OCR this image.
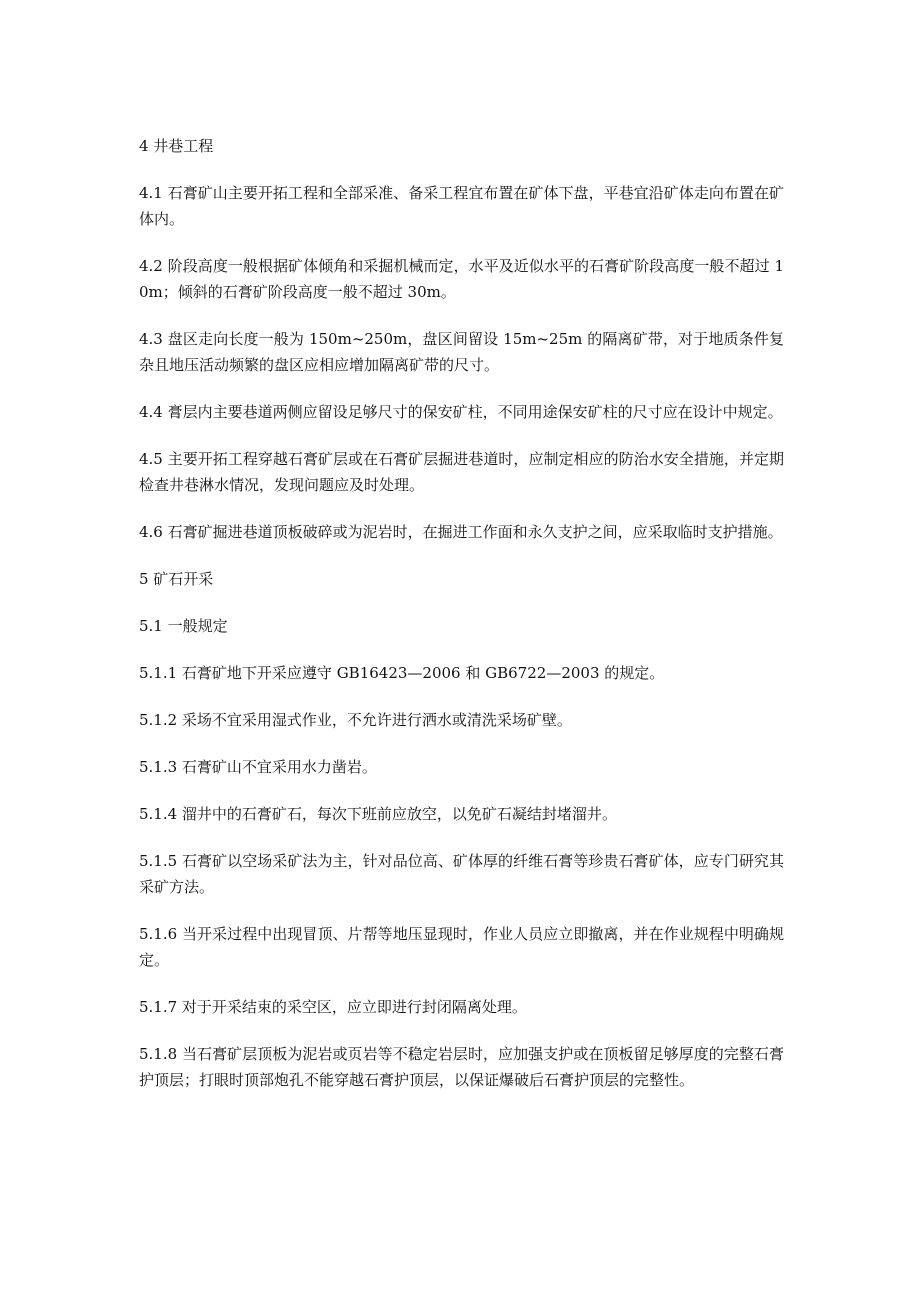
4 井巷工程

4.1 石膏矿山主要开拓工程和全部采准、备采工程宜布置在矿体下盘，平巷宜沿矿体走向布置在矿体内。

4.2 阶段高度一般根据矿体倾角和采掘机械而定，水平及近似水平的石膏矿阶段高度一般不超过 10m；倾斜的石膏矿阶段高度一般不超过 30m。

4.3 盘区走向长度一般为 150m~250m，盘区间留设 15m~25m 的隔离矿带，对于地质条件复杂且地压活动频繁的盘区应相应增加隔离矿带的尺寸。

4.4 膏层内主要巷道两侧应留设足够尺寸的保安矿柱，不同用途保安矿柱的尺寸应在设计中规定。

4.5 主要开拓工程穿越石膏矿层或在石膏矿层掘进巷道时，应制定相应的防治水安全措施，并定期检查井巷淋水情况，发现问题应及时处理。

4.6 石膏矿掘进巷道顶板破碎或为泥岩时，在掘进工作面和永久支护之间，应采取临时支护措施。

5 矿石开采

5.1 一般规定

5.1.1 石膏矿地下开采应遵守 GB16423—2006 和 GB6722—2003 的规定。

5.1.2 采场不宜采用湿式作业，不允许进行洒水或清洗采场矿壁。

5.1.3 石膏矿山不宜采用水力凿岩。

5.1.4 溜井中的石膏矿石，每次下班前应放空，以免矿石凝结封堵溜井。

5.1.5 石膏矿以空场采矿法为主，针对品位高、矿体厚的纤维石膏等珍贵石膏矿体，应专门研究其采矿方法。

5.1.6 当开采过程中出现冒顶、片帮等地压显现时，作业人员应立即撤离，并在作业规程中明确规定。

5.1.7 对于开采结束的采空区，应立即进行封闭隔离处理。

5.1.8 当石膏矿层顶板为泥岩或页岩等不稳定岩层时，应加强支护或在顶板留足够厚度的完整石膏护顶层；打眼时顶部炮孔不能穿越石膏护顶层，以保证爆破后石膏护顶层的完整性。
